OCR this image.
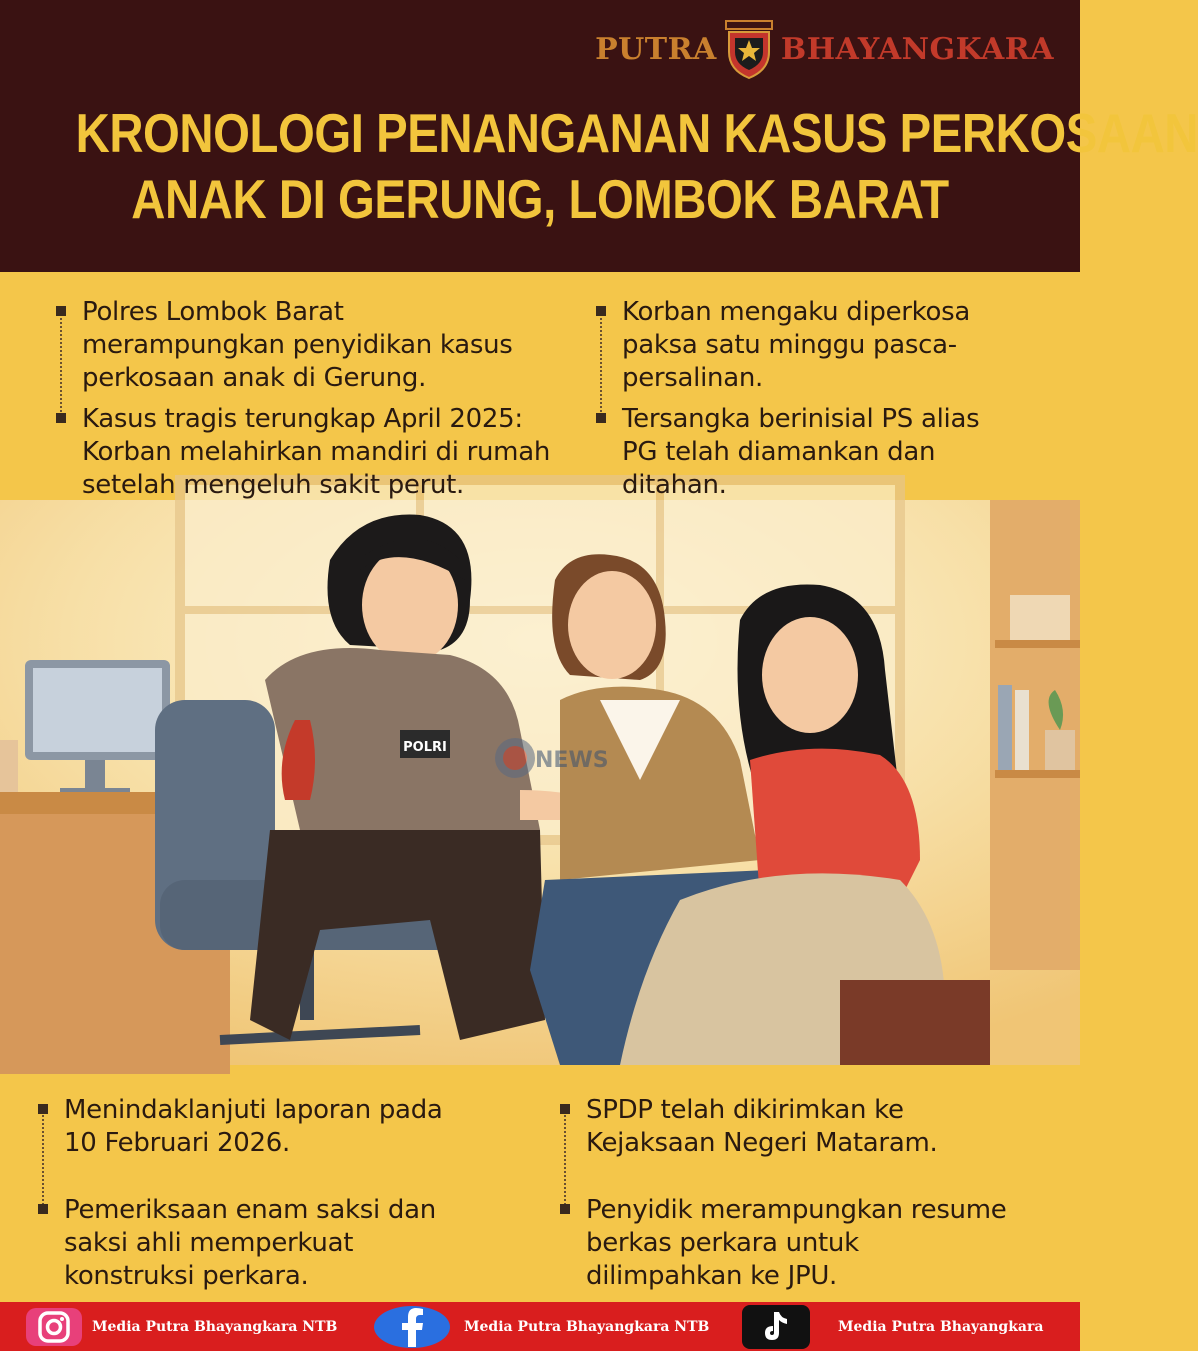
PUTRA BHAYANGKARA
KRONOLOGI PENANGANAN KASUS PERKOSAAN
ANAK DI GERUNG, LOMBOK BARAT
POLRI
NEWS
Polres Lombok Barat
merampungkan penyidikan kasus
perkosaan anak di Gerung.
Kasus tragis terungkap April 2025:
Korban melahirkan mandiri di rumah
setelah mengeluh sakit perut.
Korban mengaku diperkosa
paksa satu minggu pasca-
persalinan.
Tersangka berinisial PS alias
PG telah diamankan dan
ditahan.
Menindaklanjuti laporan pada
10 Februari 2026.
Pemeriksaan enam saksi dan
saksi ahli memperkuat
konstruksi perkara.
SPDP telah dikirimkan ke
Kejaksaan Negeri Mataram.
Penyidik merampungkan resume
berkas perkara untuk
dilimpahkan ke JPU.
Media Putra Bhayangkara NTB	Media Putra Bhayangkara NTB	Media Putra Bhayangkara
